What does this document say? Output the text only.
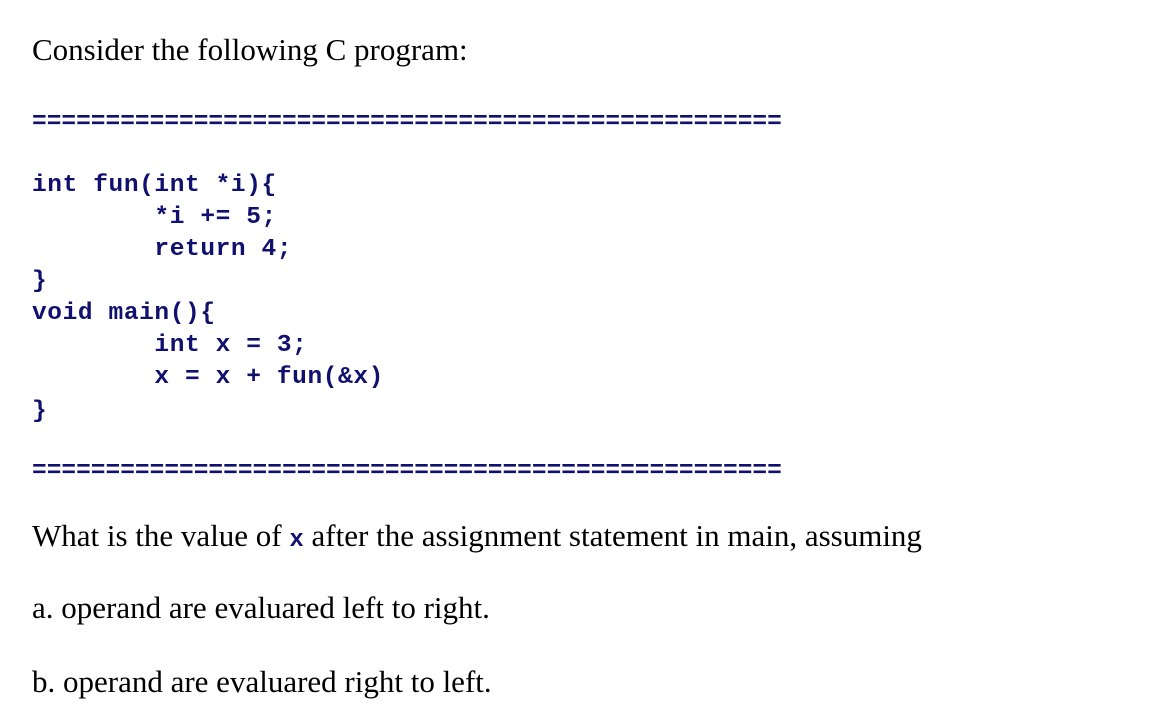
Consider the following C program:
===================================================
int fun(int *i){
*i += 5;
return 4;
}
void main(){
int x = 3;
x = x + fun(&x)
}
===================================================
What is the value of x after the assignment statement in main, assuming
a. operand are evaluared left to right.
b. operand are evaluared right to left.
